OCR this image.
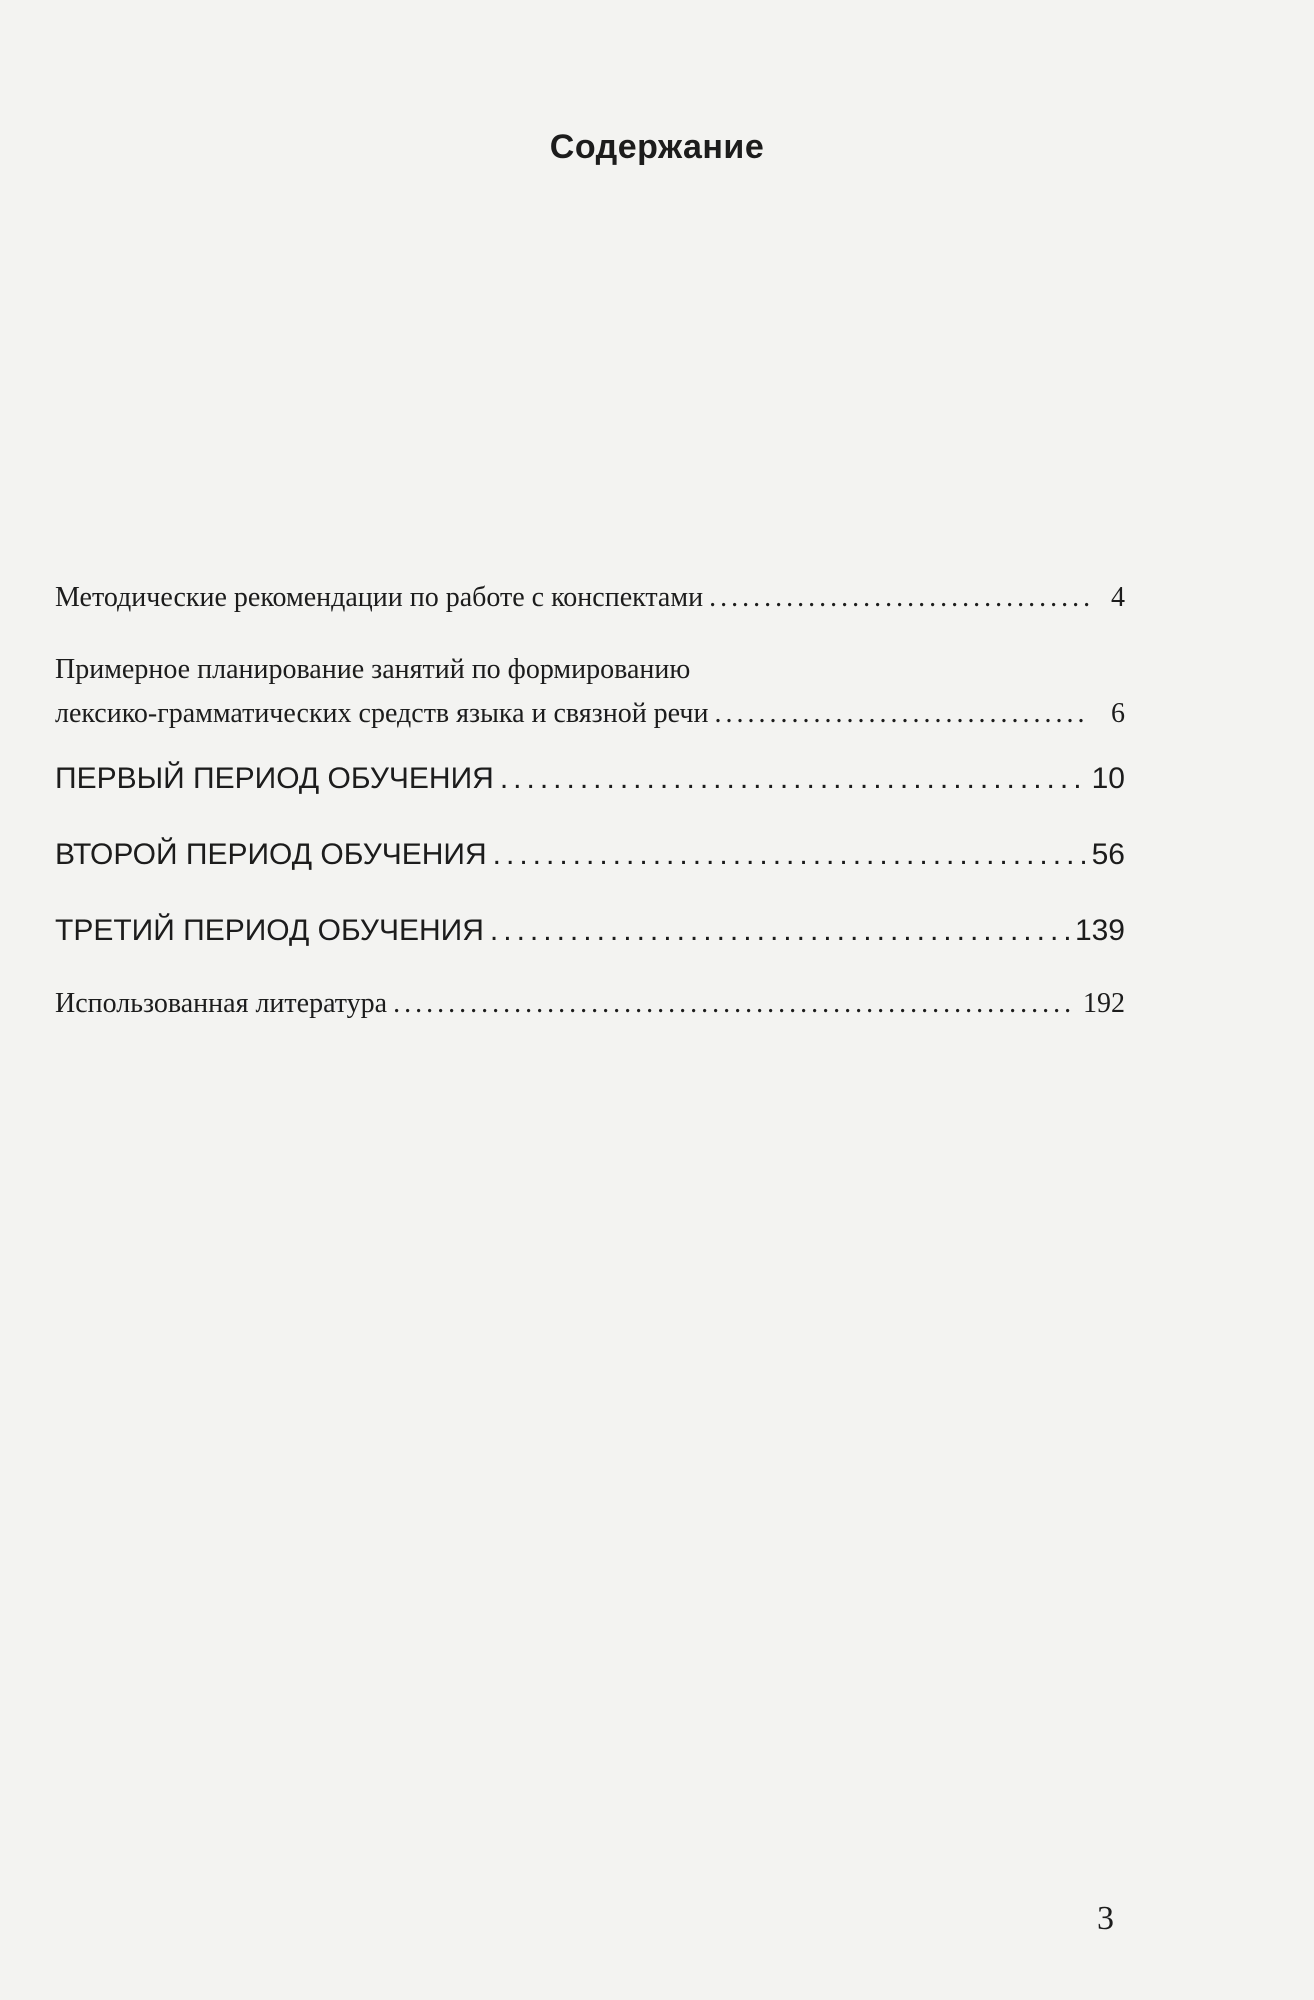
Содержание
Методические рекомендации по работе с конспектами .....	4
Примерное планирование занятий по формированию
лексико-грамматических средств языка и связной речи .....	6
ПЕРВЫЙ ПЕРИОД ОБУЧЕНИЯ .....	10
ВТОРОЙ ПЕРИОД ОБУЧЕНИЯ .....	56
ТРЕТИЙ ПЕРИОД ОБУЧЕНИЯ .....	139
Использованная литература .....	192
3
